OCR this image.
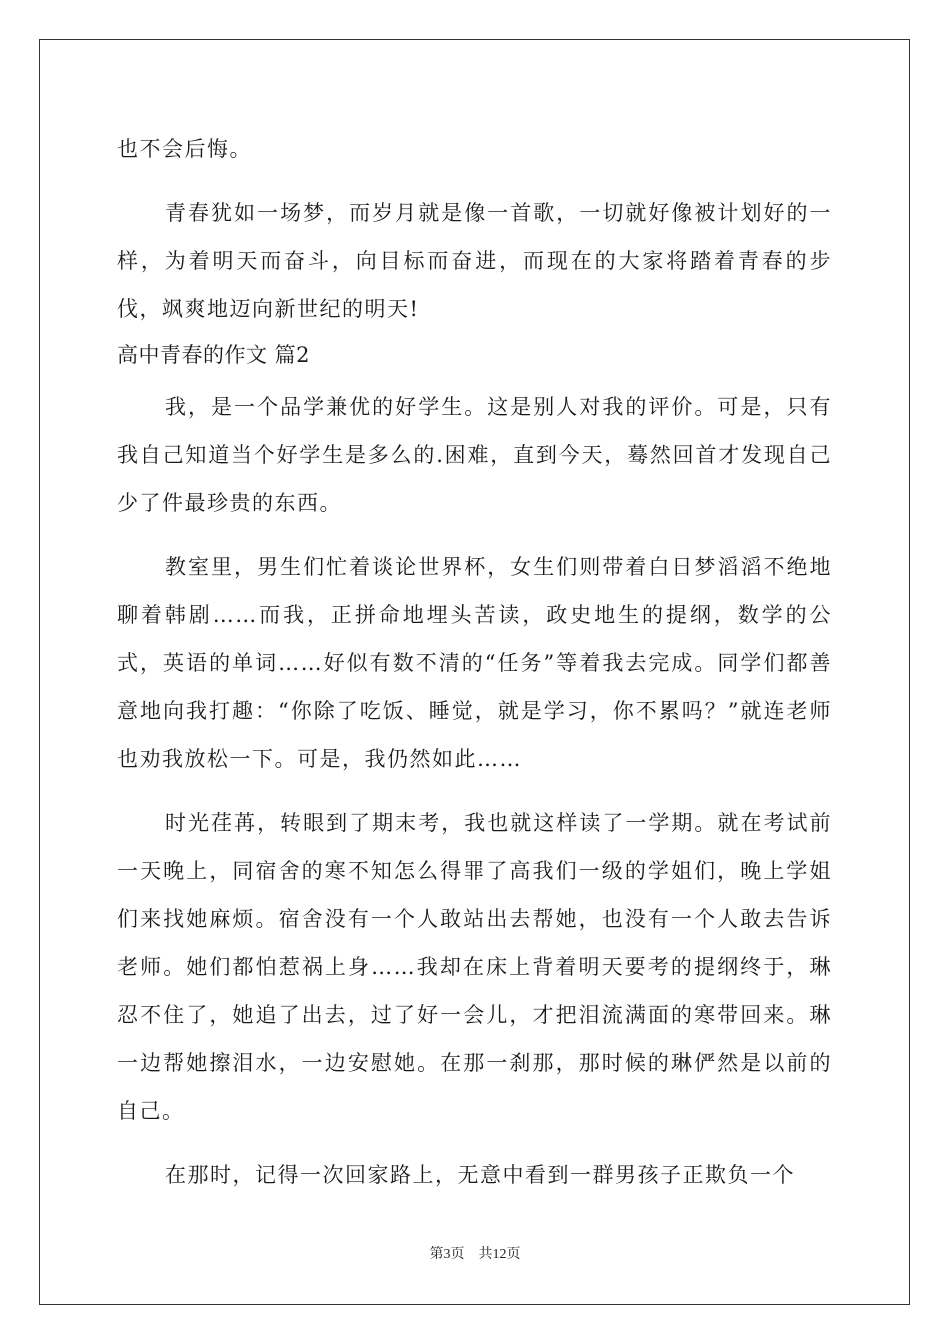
也不会后悔。

青春犹如一场梦，而岁月就是像一首歌，一切就好像被计划好的一样，为着明天而奋斗，向目标而奋进，而现在的大家将踏着青春的步伐，飒爽地迈向新世纪的明天!

高中青春的作文 篇2

我，是一个品学兼优的好学生。这是别人对我的评价。可是，只有我自己知道当个好学生是多么的.困难，直到今天，蓦然回首才发现自己少了件最珍贵的东西。

教室里，男生们忙着谈论世界杯，女生们则带着白日梦滔滔不绝地聊着韩剧……而我，正拼命地埋头苦读，政史地生的提纲，数学的公式，英语的单词……好似有数不清的“任务”等着我去完成。同学们都善意地向我打趣：“你除了吃饭、睡觉，就是学习，你不累吗？”就连老师也劝我放松一下。可是，我仍然如此……

时光荏苒，转眼到了期末考，我也就这样读了一学期。就在考试前一天晚上，同宿舍的寒不知怎么得罪了高我们一级的学姐们，晚上学姐们来找她麻烦。宿舍没有一个人敢站出去帮她，也没有一个人敢去告诉老师。她们都怕惹祸上身……我却在床上背着明天要考的提纲终于，琳忍不住了，她追了出去，过了好一会儿，才把泪流满面的寒带回来。琳一边帮她擦泪水，一边安慰她。在那一刹那，那时候的琳俨然是以前的自己。

在那时，记得一次回家路上，无意中看到一群男孩子正欺负一个

第3页 共12页
